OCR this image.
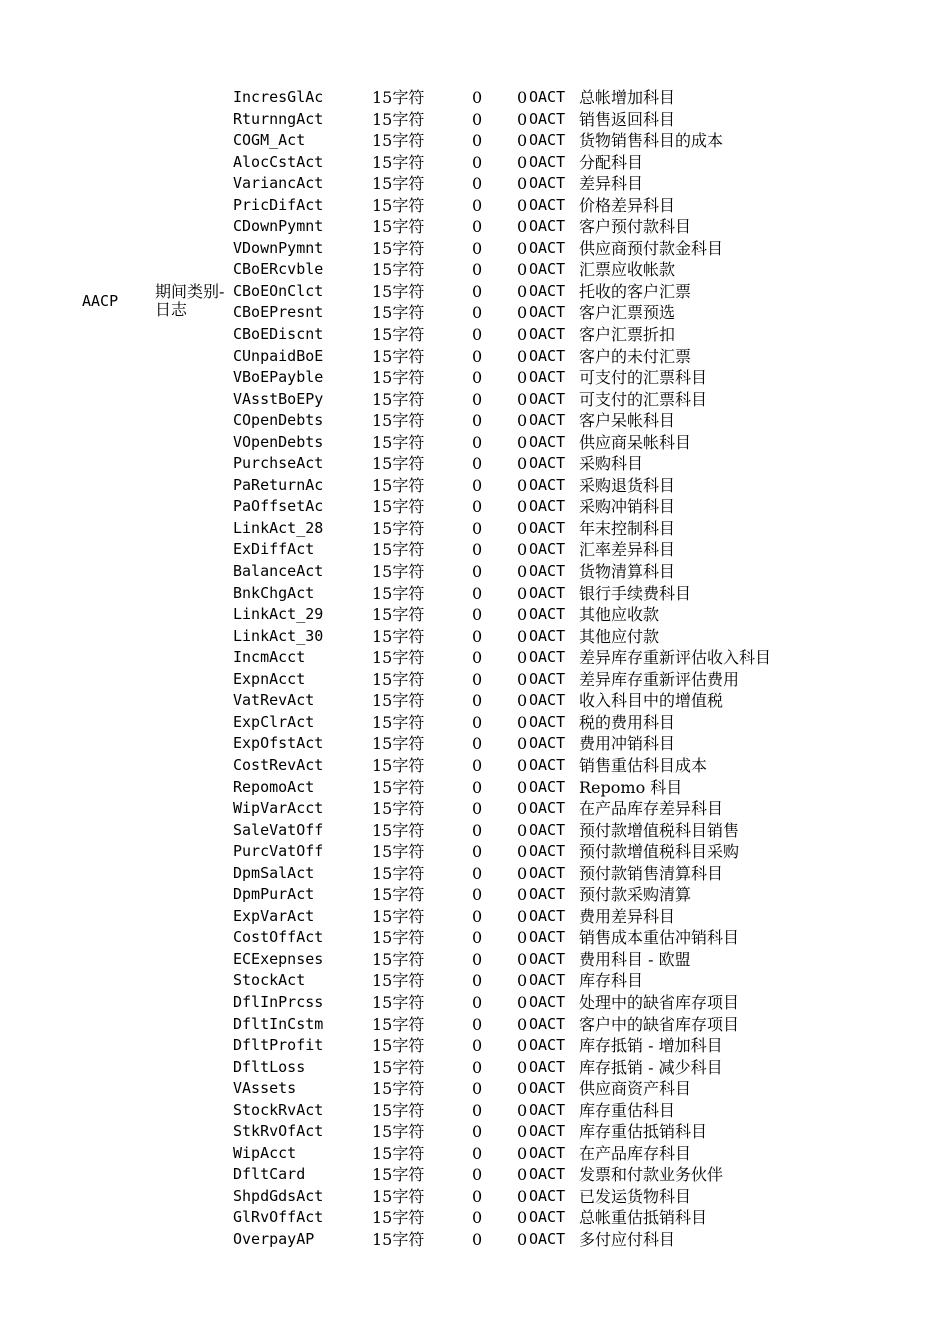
AACP 期间类别-日志
IncresGlAc	15字符	0 0 OACT 总帐增加科目
RturnngAct	15字符	0 0 OACT 销售返回科目
COGM_Act	15字符	0 0 OACT 货物销售科目的成本
AlocCstAct	15字符	0 0 OACT 分配科目
VariancAct	15字符	0 0 OACT 差异科目
PricDifAct	15字符	0 0 OACT 价格差异科目
CDownPymnt	15字符	0 0 OACT 客户预付款科目
VDownPymnt	15字符	0 0 OACT 供应商预付款金科目
CBoERcvble	15字符	0 0 OACT 汇票应收帐款
CBoEOnClct	15字符	0 0 OACT 托收的客户汇票
CBoEPresnt	15字符	0 0 OACT 客户汇票预选
CBoEDiscnt	15字符	0 0 OACT 客户汇票折扣
CUnpaidBoE	15字符	0 0 OACT 客户的未付汇票
VBoEPayble	15字符	0 0 OACT 可支付的汇票科目
VAsstBoEPy	15字符	0 0 OACT 可支付的汇票科目
COpenDebts	15字符	0 0 OACT 客户呆帐科目
VOpenDebts	15字符	0 0 OACT 供应商呆帐科目
PurchseAct	15字符	0 0 OACT 采购科目
PaReturnAc	15字符	0 0 OACT 采购退货科目
PaOffsetAc	15字符	0 0 OACT 采购冲销科目
LinkAct_28	15字符	0 0 OACT 年末控制科目
ExDiffAct	15字符	0 0 OACT 汇率差异科目
BalanceAct	15字符	0 0 OACT 货物清算科目
BnkChgAct	15字符	0 0 OACT 银行手续费科目
LinkAct_29	15字符	0 0 OACT 其他应收款
LinkAct_30	15字符	0 0 OACT 其他应付款
IncmAcct	15字符	0 0 OACT 差异库存重新评估收入科目
ExpnAcct	15字符	0 0 OACT 差异库存重新评估费用
VatRevAct	15字符	0 0 OACT 收入科目中的增值税
ExpClrAct	15字符	0 0 OACT 税的费用科目
ExpOfstAct	15字符	0 0 OACT 费用冲销科目
CostRevAct	15字符	0 0 OACT 销售重估科目成本
RepomoAct	15字符	0 0 OACT Repomo 科目
WipVarAcct	15字符	0 0 OACT 在产品库存差异科目
SaleVatOff	15字符	0 0 OACT 预付款增值税科目销售
PurcVatOff	15字符	0 0 OACT 预付款增值税科目采购
DpmSalAct	15字符	0 0 OACT 预付款销售清算科目
DpmPurAct	15字符	0 0 OACT 预付款采购清算
ExpVarAct	15字符	0 0 OACT 费用差异科目
CostOffAct	15字符	0 0 OACT 销售成本重估冲销科目
ECExepnses	15字符	0 0 OACT 费用科目 - 欧盟
StockAct	15字符	0 0 OACT 库存科目
DflInPrcss	15字符	0 0 OACT 处理中的缺省库存项目
DfltInCstm	15字符	0 0 OACT 客户中的缺省库存项目
DfltProfit	15字符	0 0 OACT 库存抵销 - 增加科目
DfltLoss	15字符	0 0 OACT 库存抵销 - 减少科目
VAssets	15字符	0 0 OACT 供应商资产科目
StockRvAct	15字符	0 0 OACT 库存重估科目
StkRvOfAct	15字符	0 0 OACT 库存重估抵销科目
WipAcct	15字符	0 0 OACT 在产品库存科目
DfltCard	15字符	0 0 OACT 发票和付款业务伙伴
ShpdGdsAct	15字符	0 0 OACT 已发运货物科目
GlRvOffAct	15字符	0 0 OACT 总帐重估抵销科目
OverpayAP	15字符	0 0 OACT 多付应付科目
